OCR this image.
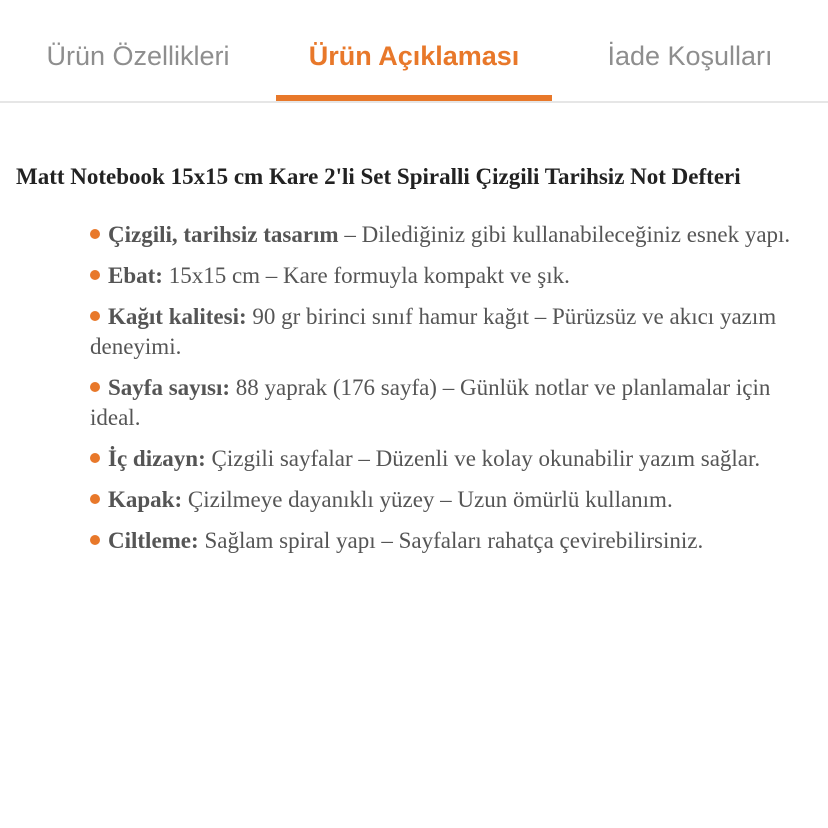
Ürün Özellikleri	Ürün Açıklaması	İade Koşulları
Matt Notebook 15x15 cm Kare 2'li Set Spiralli Çizgili Tarihsiz Not Defteri
Çizgili, tarihsiz tasarım – Dilediğiniz gibi kullanabileceğiniz esnek yapı.
Ebat: 15x15 cm – Kare formuyla kompakt ve şık.
Kağıt kalitesi: 90 gr birinci sınıf hamur kağıt – Pürüzsüz ve akıcı yazım deneyimi.
Sayfa sayısı: 88 yaprak (176 sayfa) – Günlük notlar ve planlamalar için ideal.
İç dizayn: Çizgili sayfalar – Düzenli ve kolay okunabilir yazım sağlar.
Kapak: Çizilmeye dayanıklı yüzey – Uzun ömürlü kullanım.
Ciltleme: Sağlam spiral yapı – Sayfaları rahatça çevirebilirsiniz.
